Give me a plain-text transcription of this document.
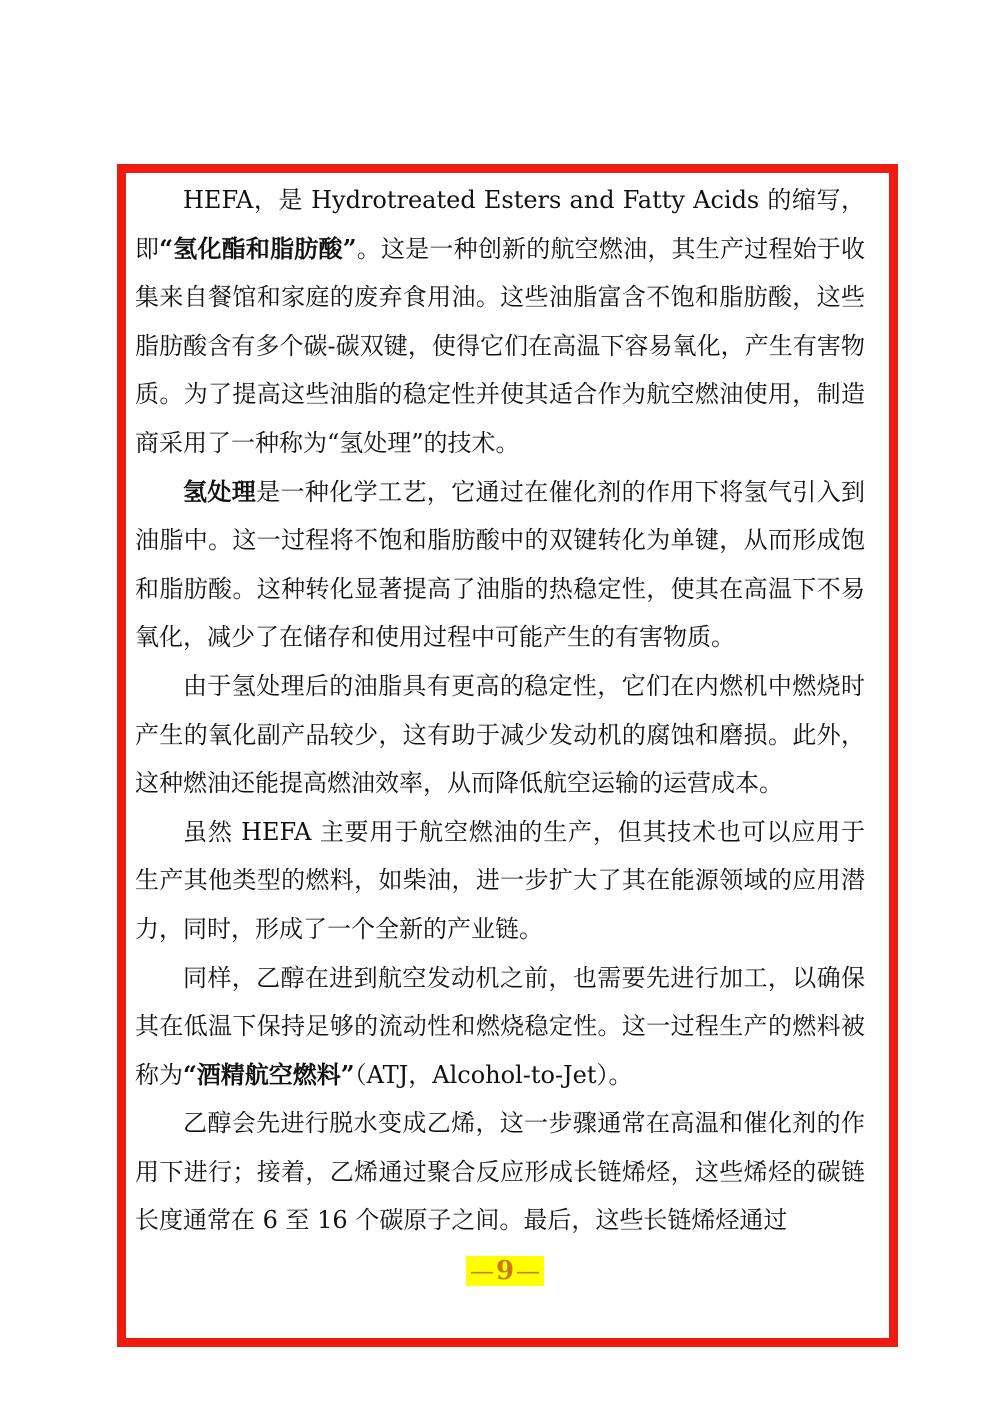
HEFA，是 Hydrotreated Esters and Fatty Acids 的缩写，即“氢化酯和脂肪酸”。这是一种创新的航空燃油，其生产过程始于收集来自餐馆和家庭的废弃食用油。这些油脂富含不饱和脂肪酸，这些脂肪酸含有多个碳-碳双键，使得它们在高温下容易氧化，产生有害物质。为了提高这些油脂的稳定性并使其适合作为航空燃油使用，制造商采用了一种称为“氢处理”的技术。

氢处理是一种化学工艺，它通过在催化剂的作用下将氢气引入到油脂中。这一过程将不饱和脂肪酸中的双键转化为单键，从而形成饱和脂肪酸。这种转化显著提高了油脂的热稳定性，使其在高温下不易氧化，减少了在储存和使用过程中可能产生的有害物质。

由于氢处理后的油脂具有更高的稳定性，它们在内燃机中燃烧时产生的氧化副产品较少，这有助于减少发动机的腐蚀和磨损。此外，这种燃油还能提高燃油效率，从而降低航空运输的运营成本。

虽然 HEFA 主要用于航空燃油的生产，但其技术也可以应用于生产其他类型的燃料，如柴油，进一步扩大了其在能源领域的应用潜力，同时，形成了一个全新的产业链。

同样，乙醇在进到航空发动机之前，也需要先进行加工，以确保其在低温下保持足够的流动性和燃烧稳定性。这一过程生产的燃料被称为“酒精航空燃料”（ATJ，Alcohol-to-Jet）。

乙醇会先进行脱水变成乙烯，这一步骤通常在高温和催化剂的作用下进行；接着，乙烯通过聚合反应形成长链烯烃，这些烯烃的碳链长度通常在 6 至 16 个碳原子之间。最后，这些长链烯烃通过

— 9 —
